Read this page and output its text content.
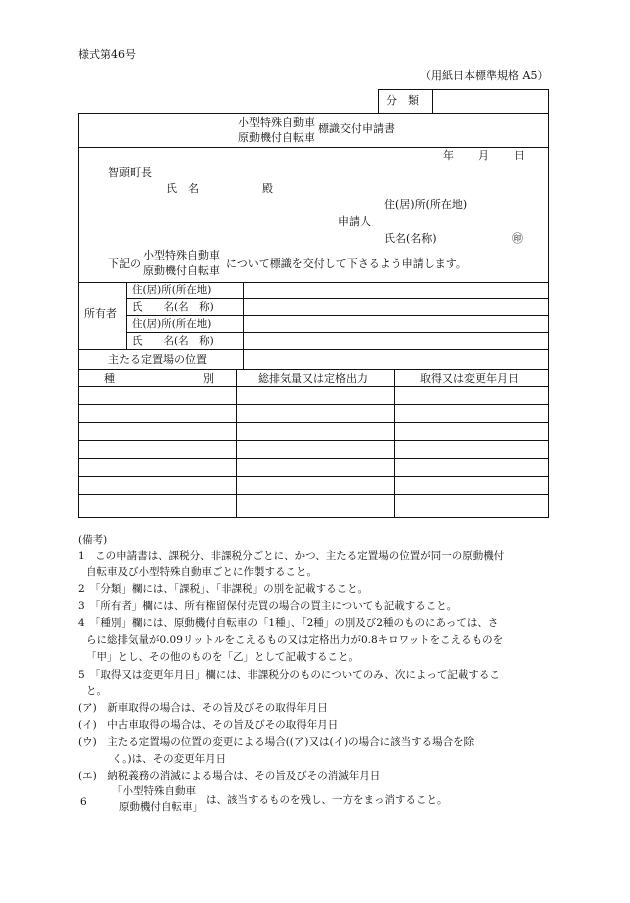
様式第46号
（用紙日本標準規格 A5）
分　類
小型特殊自動車
原動機付自転車
標識交付申請書
年 月 日
智頭町長
氏　名	殿
住(居)所(所在地)
申請人
氏名(名称)	㊞
下記の
小型特殊自動車
原動機付自転車
について標識を交付して下さるよう申請します。
所有者
住(居)所(所在地)
氏　　名(名　称)
住(居)所(所在地)
氏　　名(名　称)
主たる定置場の位置
種　　　　　　　　別	総排気量又は定格出力	取得又は変更年月日
(備考)
1　この申請書は、課税分、非課税分ごとに、かつ、主たる定置場の位置が同一の原動機付
自転車及び小型特殊自動車ごとに作製すること。
2　「分類」欄には、「課税」、「非課税」の別を記載すること。
3　「所有者」欄には、所有権留保付売買の場合の買主についても記載すること。
4　「種別」欄には、原動機付自転車の「1種」、「2種」の別及び2種のものにあっては、さ
らに総排気量が0.09リットルをこえるもの又は定格出力が0.8キロワットをこえるものを
「甲」とし、その他のものを「乙」として記載すること。
5　「取得又は変更年月日」欄には、非課税分のものについてのみ、次によって記載するこ
と。
(ア)　新車取得の場合は、その旨及びその取得年月日
(イ)　中古車取得の場合は、その旨及びその取得年月日
(ウ)　主たる定置場の位置の変更による場合((ア)又は(イ)の場合に該当する場合を除
く。)は、その変更年月日
(エ)　納税義務の消滅による場合は、その旨及びその消滅年月日
6
「小型特殊自動車
原動機付自転車」
は、該当するものを残し、一方をまっ消すること。
